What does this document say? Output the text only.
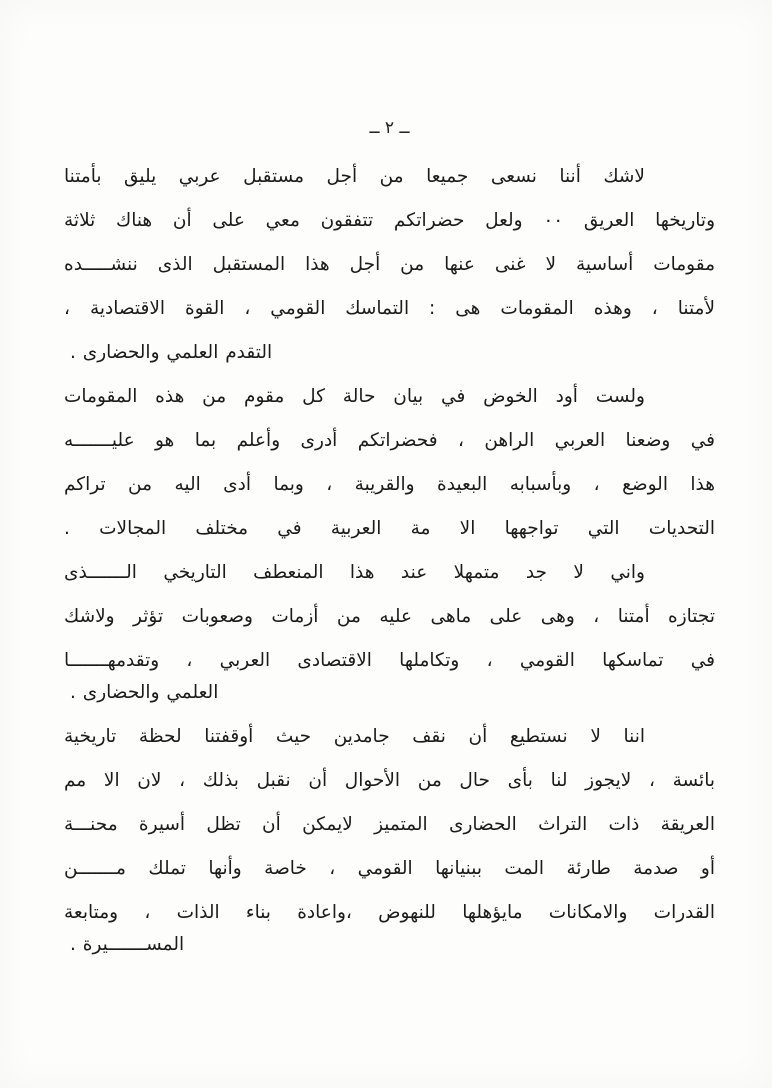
ــ ٢ ــ
لاشك أننا نسعى جميعا من أجل مستقبل عربي يليق بأمتنا
وتاريخها العريق ٠٠ ولعل حضراتكم تتفقون معي على أن هناك ثلاثة
مقومات أساسية لا غنى عنها من أجل هذا المستقبل الذى ننشـــــده
لأمتنا ، وهذه المقومات هى : التماسك القومي ، القوة الاقتصادية ،
التقدم العلمي والحضارى .
ولست أود الخوض في بيان حالة كل مقوم من هذه المقومات
في وضعنا العربي الراهن ، فحضراتكم أدرى وأعلم بما هو عليـــــــه
هذا الوضع ، وبأسبابه البعيدة والقريبة ، وبما أدى اليه من تراكم
التحديات التي تواجهها الا مة العربية في مختلف المجالات .
واني لا جد متمهلا عند هذا المنعطف التاريخي الـــــــذى
تجتازه أمتنا ، وهى على ماهى عليه من أزمات وصعوبات تؤثر ولاشك
في تماسكها القومي ، وتكاملها الاقتصادى العربي ، وتقدمهـــــــا
العلمي والحضارى .
اننا لا نستطيع أن نقف جامدين حيث أوقفتنا لحظة تاريخية
بائسة ، لايجوز لنا بأى حال من الأحوال أن نقبل بذلك ، لان الا مم
العريقة ذات التراث الحضارى المتميز لايمكن أن تظل أسيرة محنـــة
أو صدمة طارئة المت ببنيانها القومي ، خاصة وأنها تملك مـــــــن
القدرات والامكانات مايؤهلها للنهوض ،واعادة بناء الذات ، ومتابعة
المســـــــيرة .
